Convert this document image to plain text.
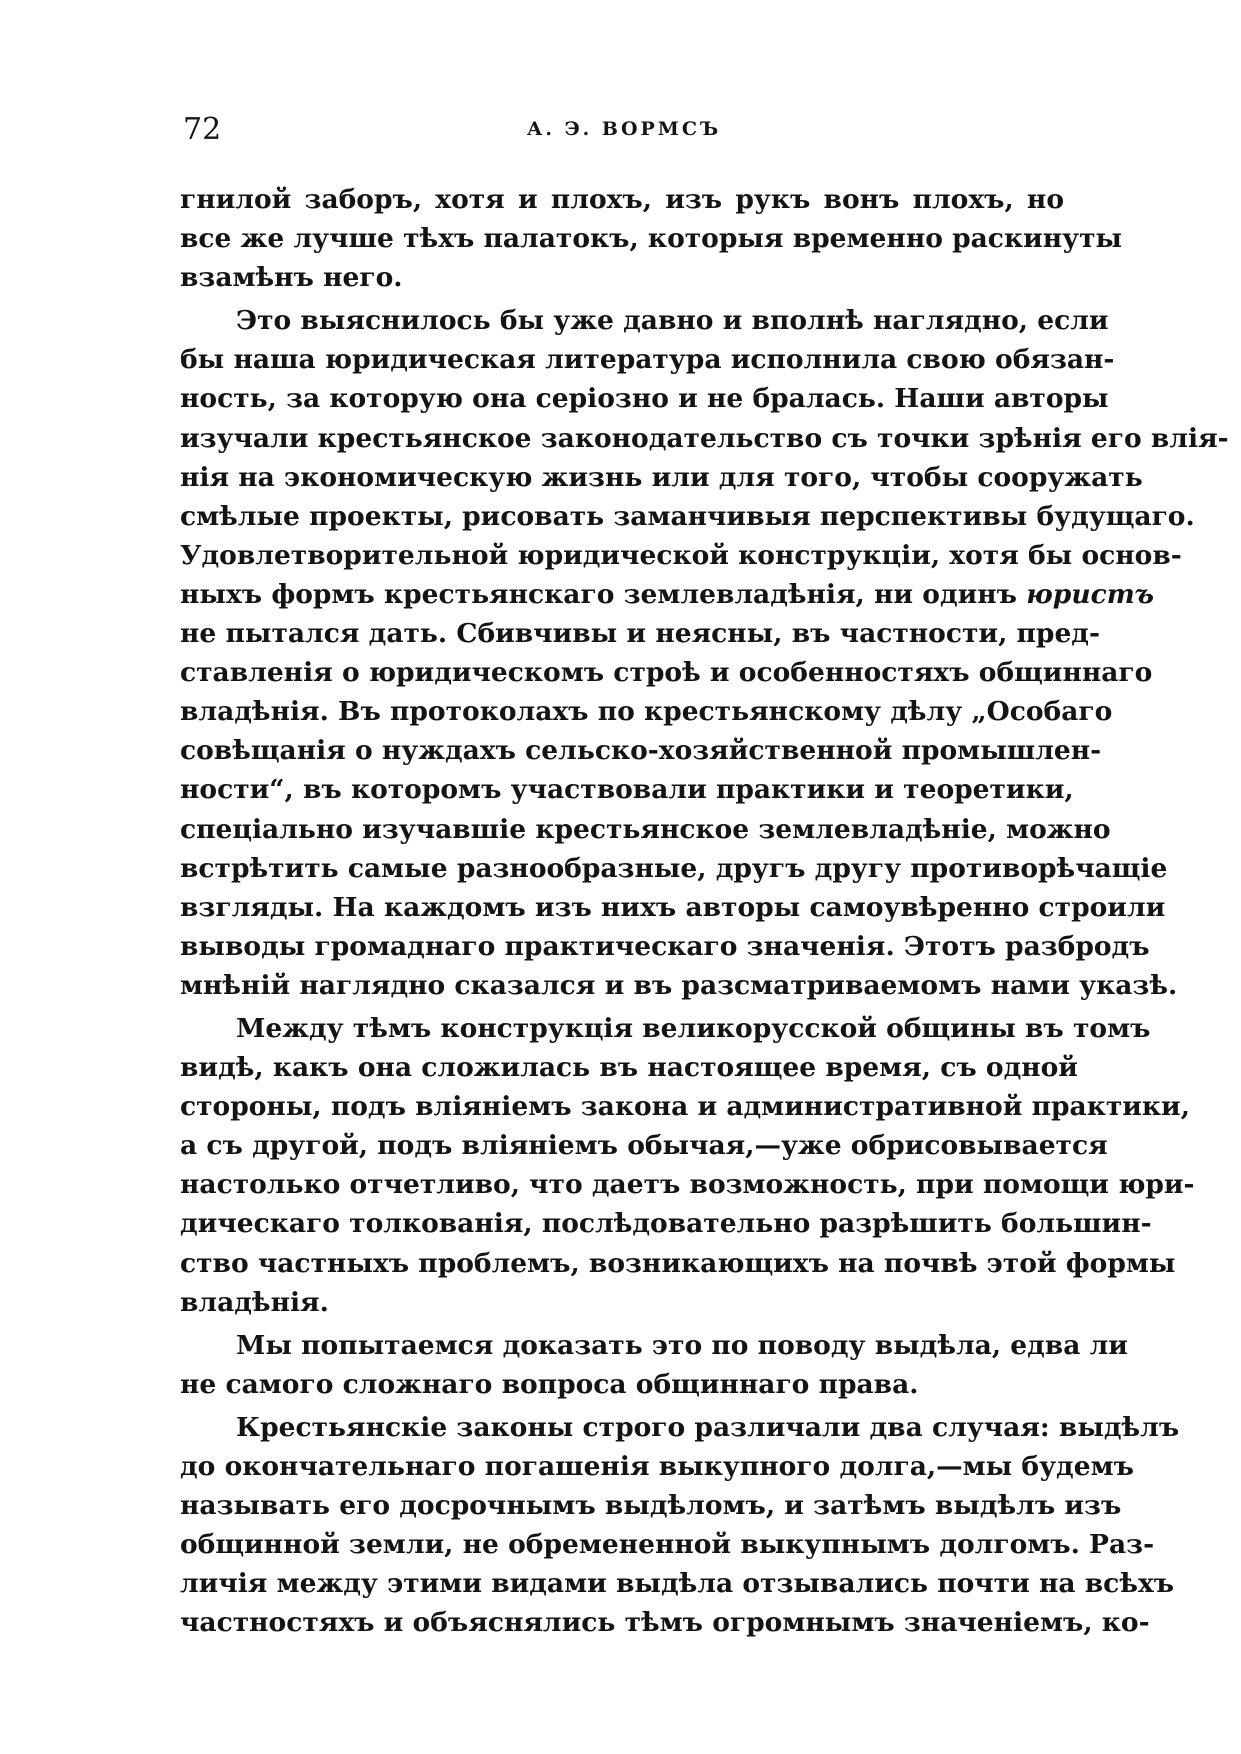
72	А. Э. ВОРМСЪ

гнилой заборъ, хотя и плохъ, изъ рукъ вонъ плохъ, но
все же лучше тѣхъ палатокъ, которыя временно раскинуты
взамѣнъ него.

Это выяснилось бы уже давно и вполнѣ наглядно, если
бы наша юридическая литература исполнила свою обязан-
ность, за которую она серіозно и не бралась. Наши авторы
изучали крестьянское законодательство съ точки зрѣнія его влія-
нія на экономическую жизнь или для того, чтобы сооружать
смѣлые проекты, рисовать заманчивыя перспективы будущаго.
Удовлетворительной юридической конструкціи, хотя бы основ-
ныхъ формъ крестьянскаго землевладѣнія, ни одинъ юристъ
не пытался дать. Сбивчивы и неясны, въ частности, пред-
ставленія о юридическомъ строѣ и особенностяхъ общиннаго
владѣнія. Въ протоколахъ по крестьянскому дѣлу „Особаго
совѣщанія о нуждахъ сельско-хозяйственной промышлен-
ности“, въ которомъ участвовали практики и теоретики,
спеціально изучавшіе крестьянское землевладѣніе, можно
встрѣтить самые разнообразные, другъ другу противорѣчащіе
взгляды. На каждомъ изъ нихъ авторы самоувѣренно строили
выводы громаднаго практическаго значенія. Этотъ разбродъ
мнѣній наглядно сказался и въ разсматриваемомъ нами указѣ.

Между тѣмъ конструкція великорусской общины въ томъ
видѣ, какъ она сложилась въ настоящее время, съ одной
стороны, подъ вліяніемъ закона и административной практики,
а съ другой, подъ вліяніемъ обычая,—уже обрисовывается
настолько отчетливо, что даетъ возможность, при помощи юри-
дическаго толкованія, послѣдовательно разрѣшить большин-
ство частныхъ проблемъ, возникающихъ на почвѣ этой формы
владѣнія.

Мы попытаемся доказать это по поводу выдѣла, едва ли
не самого сложнаго вопроса общиннаго права.

Крестьянскіе законы строго различали два случая: выдѣлъ
до окончательнаго погашенія выкупного долга,—мы будемъ
называть его досрочнымъ выдѣломъ, и затѣмъ выдѣлъ изъ
общинной земли, не обремененной выкупнымъ долгомъ. Раз-
личія между этими видами выдѣла отзывались почти на всѣхъ
частностяхъ и объяснялись тѣмъ огромнымъ значеніемъ, ко-
